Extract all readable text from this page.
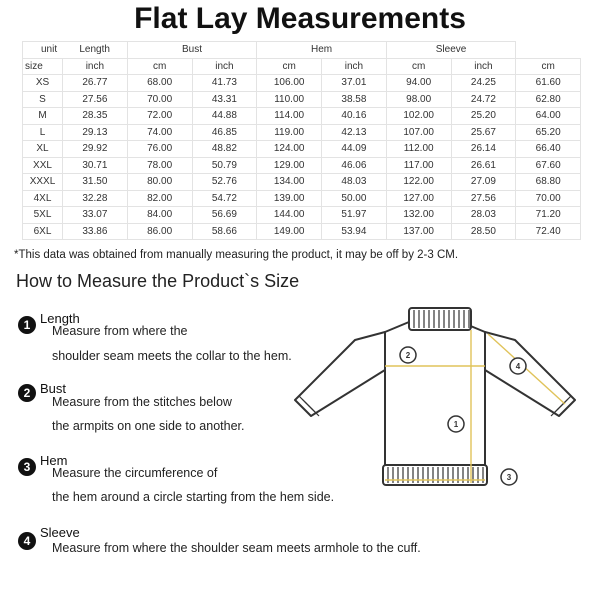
Flat Lay Measurements
unit Length		Bust		Hem		Sleeve		
size	inch	cm	inch	cm	inch	cm	inch	cm
XS	26.77	68.00	41.73	106.00	37.01	94.00	24.25	61.60
S	27.56	70.00	43.31	110.00	38.58	98.00	24.72	62.80
M	28.35	72.00	44.88	114.00	40.16	102.00	25.20	64.00
L	29.13	74.00	46.85	119.00	42.13	107.00	25.67	65.20
XL	29.92	76.00	48.82	124.00	44.09	112.00	26.14	66.40
XXL	30.71	78.00	50.79	129.00	46.06	117.00	26.61	67.60
XXXL	31.50	80.00	52.76	134.00	48.03	122.00	27.09	68.80
4XL	32.28	82.00	54.72	139.00	50.00	127.00	27.56	70.00
5XL	33.07	84.00	56.69	144.00	51.97	132.00	28.03	71.20
6XL	33.86	86.00	58.66	149.00	53.94	137.00	28.50	72.40
*This data was obtained from manually measuring the product, it may be off by 2-3 CM.
How to Measure the Product`s Size
1 Length
Measure from where the
shoulder seam meets the collar to the hem.
2 Bust
Measure from the stitches below
the armpits on one side to another.
3 Hem
Measure the circumference of
the hem around a circle starting from the hem side.
4
Sleeve
Measure from where the shoulder seam meets armhole to the cuff.
1
2
3
4
